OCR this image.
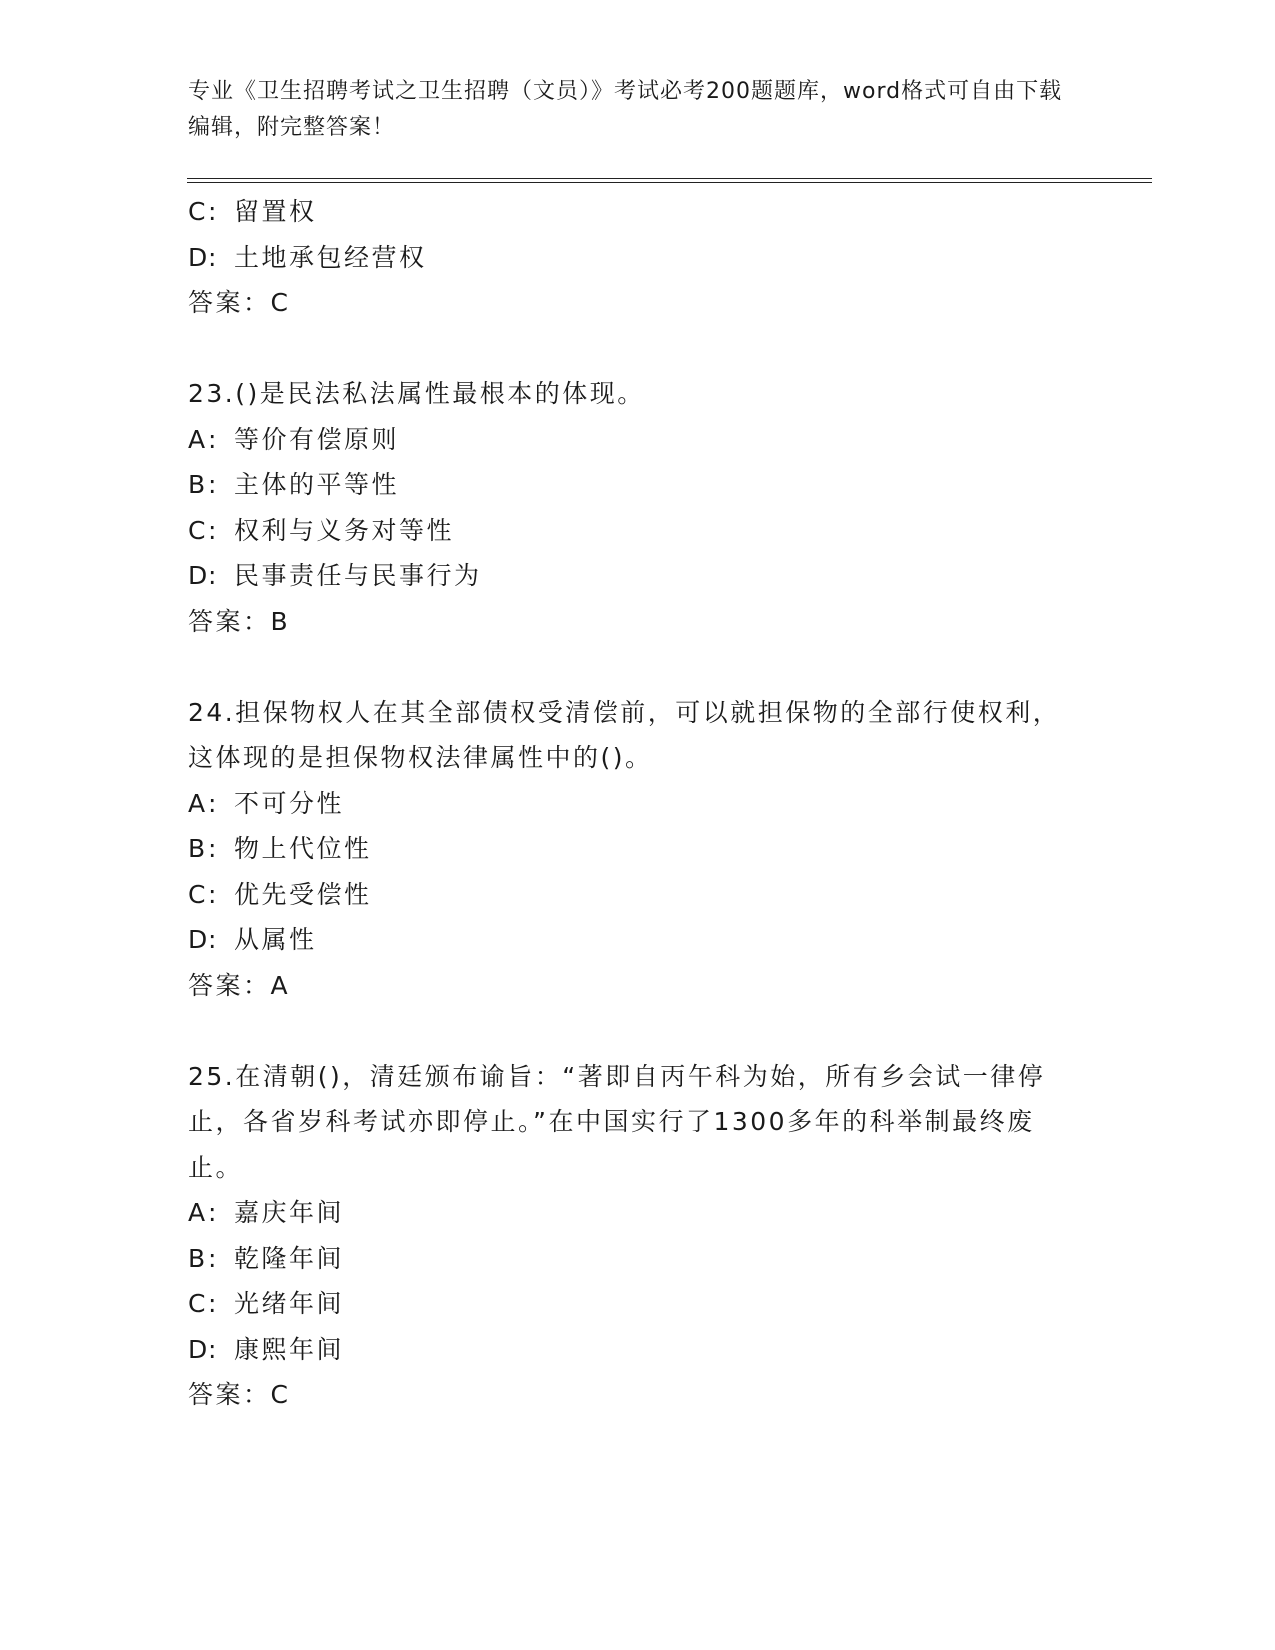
专业《卫生招聘考试之卫生招聘（文员）》考试必考200题题库，word格式可自由下载编辑，附完整答案！
C: 留置权
D: 土地承包经营权
答案：C
23.()是民法私法属性最根本的体现。
A: 等价有偿原则
B: 主体的平等性
C: 权利与义务对等性
D: 民事责任与民事行为
答案：B
24.担保物权人在其全部债权受清偿前，可以就担保物的全部行使权利，这体现的是担保物权法律属性中的()。
A: 不可分性
B: 物上代位性
C: 优先受偿性
D: 从属性
答案：A
25.在清朝()，清廷颁布谕旨：“著即自丙午科为始，所有乡会试一律停止，各省岁科考试亦即停止。”在中国实行了1300多年的科举制最终废止。
A: 嘉庆年间
B: 乾隆年间
C: 光绪年间
D: 康熙年间
答案：C
